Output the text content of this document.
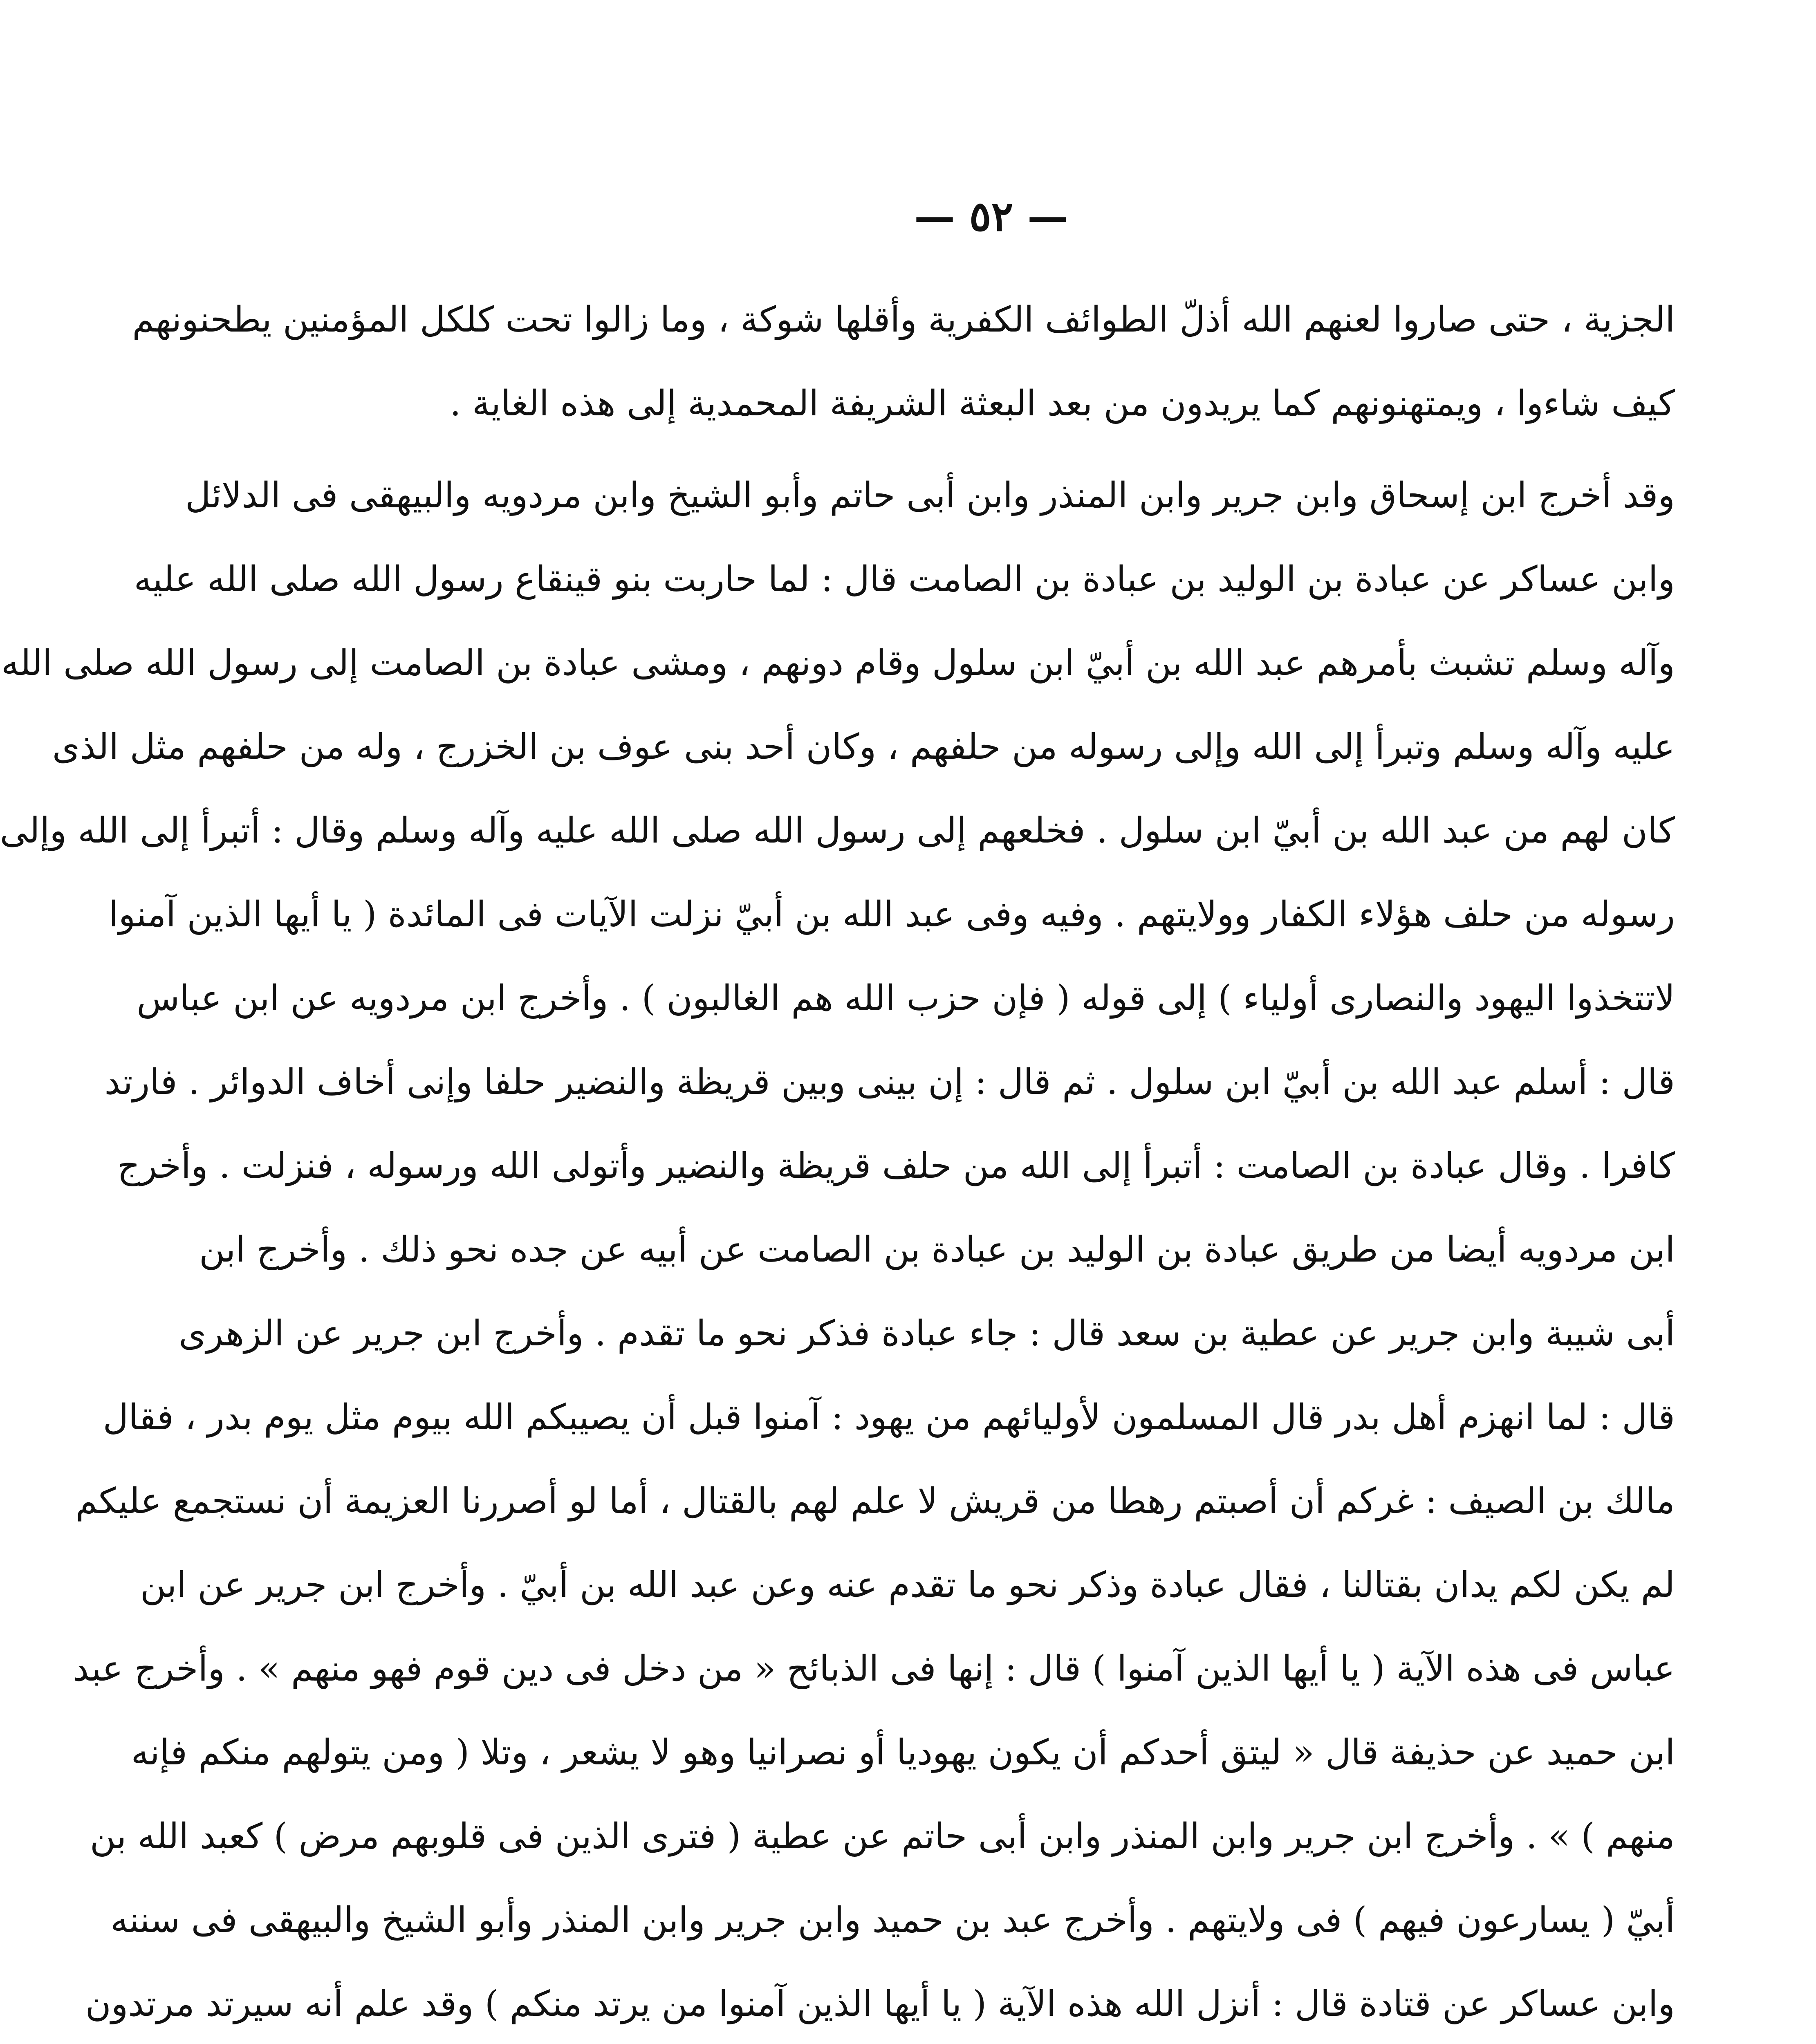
— ٥٢ —
الجزية ، حتى صاروا لعنهم الله أذلّ الطوائف الكفرية وأقلها شوكة ، وما زالوا تحت كلكل المؤمنين يطحنونهم
كيف شاءوا ، ويمتهنونهم كما يريدون من بعد البعثة الشريفة المحمدية إلى هذه الغاية .
وقد أخرج ابن إسحاق وابن جرير وابن المنذر وابن أبى حاتم وأبو الشيخ وابن مردويه والبيهقى فى الدلائل
وابن عساكر عن عبادة بن الوليد بن عبادة بن الصامت قال : لما حاربت بنو قينقاع رسول الله صلى الله عليه
وآله وسلم تشبث بأمرهم عبد الله بن أبيّ ابن سلول وقام دونهم ، ومشى عبادة بن الصامت إلى رسول الله صلى الله
عليه وآله وسلم وتبرأ إلى الله وإلى رسوله من حلفهم ، وكان أحد بنى عوف بن الخزرج ، وله من حلفهم مثل الذى
كان لهم من عبد الله بن أبيّ ابن سلول . فخلعهم إلى رسول الله صلى الله عليه وآله وسلم وقال : أتبرأ إلى الله وإلى
رسوله من حلف هؤلاء الكفار وولايتهم . وفيه وفى عبد الله بن أبيّ نزلت الآيات فى المائدة ( يا أيها الذين آمنوا
لاتتخذوا اليهود والنصارى أولياء ) إلى قوله ( فإن حزب الله هم الغالبون ) . وأخرج ابن مردويه عن ابن عباس
قال : أسلم عبد الله بن أبيّ ابن سلول . ثم قال : إن بينى وبين قريظة والنضير حلفا وإنى أخاف الدوائر . فارتد
كافرا . وقال عبادة بن الصامت : أتبرأ إلى الله من حلف قريظة والنضير وأتولى الله ورسوله ، فنزلت . وأخرج
ابن مردويه أيضا من طريق عبادة بن الوليد بن عبادة بن الصامت عن أبيه عن جده نحو ذلك . وأخرج ابن
أبى شيبة وابن جرير عن عطية بن سعد قال : جاء عبادة فذكر نحو ما تقدم . وأخرج ابن جرير عن الزهرى
قال : لما انهزم أهل بدر قال المسلمون لأوليائهم من يهود : آمنوا قبل أن يصيبكم الله بيوم مثل يوم بدر ، فقال
مالك بن الصيف : غركم أن أصبتم رهطا من قريش لا علم لهم بالقتال ، أما لو أصررنا العزيمة أن نستجمع عليكم
لم يكن لكم يدان بقتالنا ، فقال عبادة وذكر نحو ما تقدم عنه وعن عبد الله بن أبيّ . وأخرج ابن جرير عن ابن
عباس فى هذه الآية ( يا أيها الذين آمنوا ) قال : إنها فى الذبائح « من دخل فى دين قوم فهو منهم » . وأخرج عبد
ابن حميد عن حذيفة قال « ليتق أحدكم أن يكون يهوديا أو نصرانيا وهو لا يشعر ، وتلا ( ومن يتولهم منكم فإنه
منهم ) » . وأخرج ابن جرير وابن المنذر وابن أبى حاتم عن عطية ( فترى الذين فى قلوبهم مرض ) كعبد الله بن
أبيّ ( يسارعون فيهم ) فى ولايتهم . وأخرج عبد بن حميد وابن جرير وابن المنذر وأبو الشيخ والبيهقى فى سننه
وابن عساكر عن قتادة قال : أنزل الله هذه الآية ( يا أيها الذين آمنوا من يرتد منكم ) وقد علم أنه سيرتد مرتدون
